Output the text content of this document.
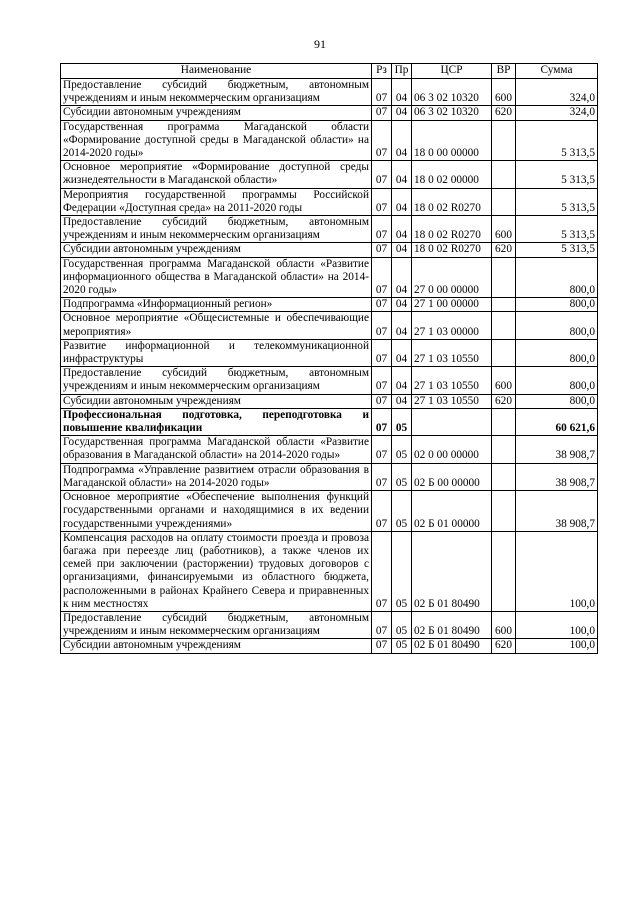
91
Наименование	Рз	Пр	ЦСР	ВР	Сумма
Предоставление субсидий бюджетным, автономным учреждениям и иным некоммерческим организациям	07	04	06 3 02 10320	600	324,0
Субсидии автономным учреждениям	07	04	06 3 02 10320	620	324,0
Государственная программа Магаданской области «Формирование доступной среды в Магаданской области» на 2014-2020 годы»	07	04	18 0 00 00000		5 313,5
Основное мероприятие «Формирование доступной среды жизнедеятельности в Магаданской области»	07	04	18 0 02 00000		5 313,5
Мероприятия государственной программы Российской Федерации «Доступная среда» на 2011-2020 годы	07	04	18 0 02 R0270		5 313,5
Предоставление субсидий бюджетным, автономным учреждениям и иным некоммерческим организациям	07	04	18 0 02 R0270	600	5 313,5
Субсидии автономным учреждениям	07	04	18 0 02 R0270	620	5 313,5
Государственная программа Магаданской области «Развитие информационного общества в Магаданской области» на 2014-2020 годы»	07	04	27 0 00 00000		800,0
Подпрограмма «Информационный регион»	07	04	27 1 00 00000		800,0
Основное мероприятие «Общесистемные и обеспечивающие мероприятия»	07	04	27 1 03 00000		800,0
Развитие информационной и телекоммуникационной инфраструктуры	07	04	27 1 03 10550		800,0
Предоставление субсидий бюджетным, автономным учреждениям и иным некоммерческим организациям	07	04	27 1 03 10550	600	800,0
Субсидии автономным учреждениям	07	04	27 1 03 10550	620	800,0
Профессиональная подготовка, переподготовка и повышение квалификации	07	05			60 621,6
Государственная программа Магаданской области «Развитие образования в Магаданской области» на 2014-2020 годы»	07	05	02 0 00 00000		38 908,7
Подпрограмма «Управление развитием отрасли образования в Магаданской области» на 2014-2020 годы»	07	05	02 Б 00 00000		38 908,7
Основное мероприятие «Обеспечение выполнения функций государственными органами и находящимися в их ведении государственными учреждениями»	07	05	02 Б 01 00000		38 908,7
Компенсация расходов на оплату стоимости проезда и провоза багажа при переезде лиц (работников), а также членов их семей при заключении (расторжении) трудовых договоров с организациями, финансируемыми из областного бюджета, расположенными в районах Крайнего Севера и приравненных к ним местностях	07	05	02 Б 01 80490		100,0
Предоставление субсидий бюджетным, автономным учреждениям и иным некоммерческим организациям	07	05	02 Б 01 80490	600	100,0
Субсидии автономным учреждениям	07	05	02 Б 01 80490	620	100,0
